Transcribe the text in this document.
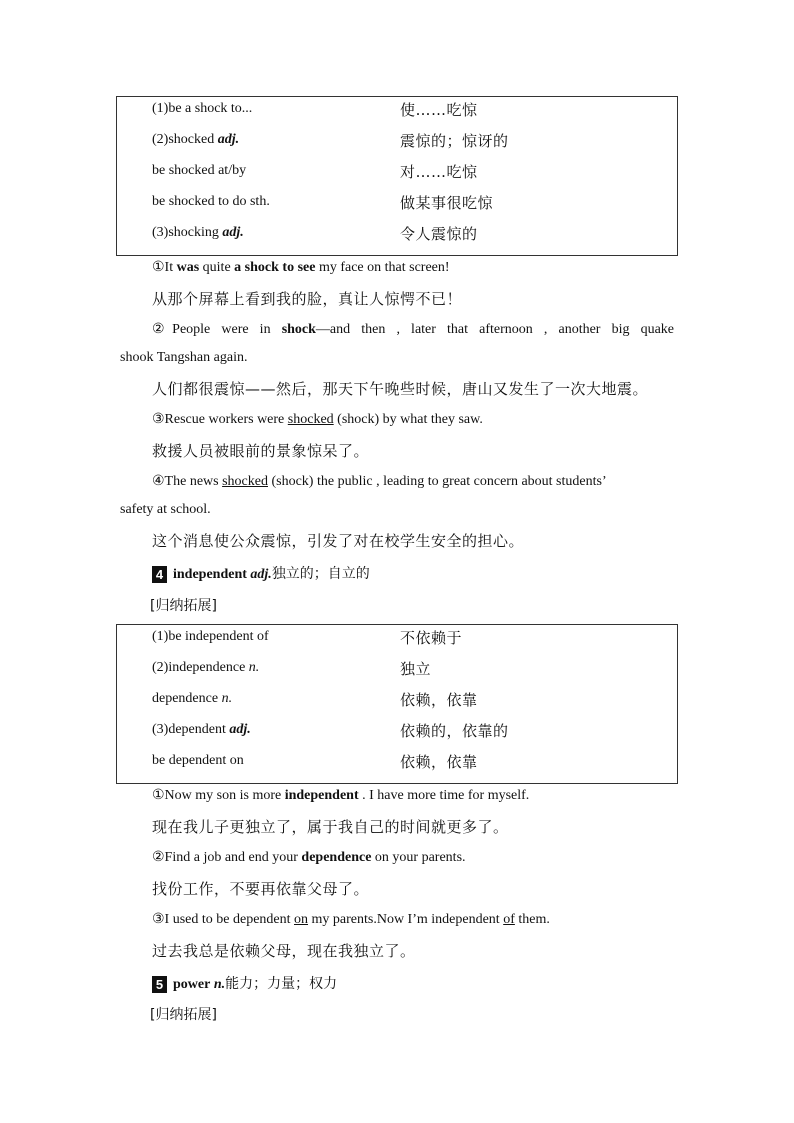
(1)be a shock to...	使……吃惊
(2)shocked adj.	震惊的；惊讶的
be shocked at/by	对……吃惊
be shocked to do sth.	做某事很吃惊
(3)shocking adj.	令人震惊的
①It was quite a shock to see my face on that screen!
从那个屏幕上看到我的脸，真让人惊愕不已！
②People were in shock—and then , later that afternoon , another big quake
shook Tangshan again.
人们都很震惊——然后，那天下午晚些时候，唐山又发生了一次大地震。
③Rescue workers were shocked (shock) by what they saw.
救援人员被眼前的景象惊呆了。
④The news shocked (shock) the public , leading to great concern about students’
safety at school.
这个消息使公众震惊，引发了对在校学生安全的担心。
4 independent adj.独立的；自立的
[归纳拓展]
(1)be independent of	不依赖于
(2)independence n.	独立
dependence n.	依赖，依靠
(3)dependent adj.	依赖的，依靠的
be dependent on	依赖，依靠
①Now my son is more independent . I have more time for myself.
现在我儿子更独立了，属于我自己的时间就更多了。
②Find a job and end your dependence on your parents.
找份工作，不要再依靠父母了。
③I used to be dependent on my parents.Now I’m independent of them.
过去我总是依赖父母，现在我独立了。
5 power n.能力；力量；权力
[归纳拓展]
